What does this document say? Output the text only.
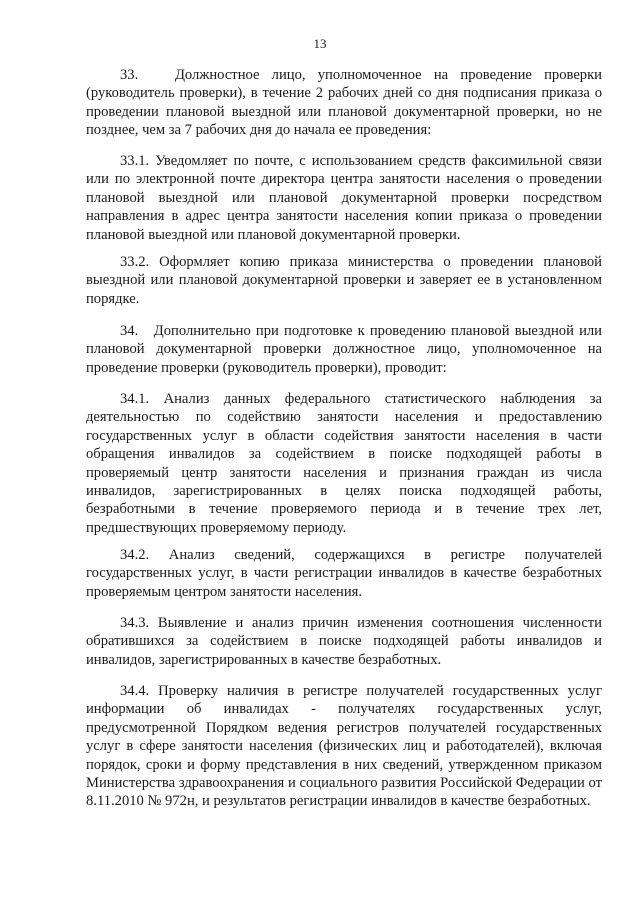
13

33.   Должностное лицо, уполномоченное на проведение проверки (руководитель проверки), в течение 2 рабочих дней со дня подписания приказа о проведении плановой выездной или плановой документарной проверки, но не позднее, чем за 7 рабочих дня до начала ее проведения:

33.1. Уведомляет по почте, с использованием средств факсимильной связи или по электронной почте директора центра занятости населения о проведении плановой выездной или плановой документарной проверки посредством направления в адрес центра занятости населения копии приказа о проведении плановой выездной или плановой документарной проверки.

33.2. Оформляет копию приказа министерства о проведении плановой выездной или плановой документарной проверки и заверяет ее в установленном порядке.

34.   Дополнительно при подготовке к проведению плановой выездной или плановой документарной проверки должностное лицо, уполномоченное на проведение проверки (руководитель проверки), проводит:

34.1. Анализ данных федерального статистического наблюдения за деятельностью по содействию занятости населения и предоставлению государственных услуг в области содействия занятости населения в части обращения инвалидов за содействием в поиске подходящей работы в проверяемый центр занятости населения и признания граждан из числа инвалидов, зарегистрированных в целях поиска подходящей работы, безработными в течение проверяемого периода и в течение трех лет, предшествующих проверяемому периоду.

34.2. Анализ сведений, содержащихся в регистре получателей государственных услуг, в части регистрации инвалидов в качестве безработных проверяемым центром занятости населения.

34.3. Выявление и анализ причин изменения соотношения численности обратившихся за содействием в поиске подходящей работы инвалидов и инвалидов, зарегистрированных в качестве безработных.

34.4. Проверку наличия в регистре получателей государственных услуг информации об инвалидах - получателях государственных услуг, предусмотренной Порядком ведения регистров получателей государственных услуг в сфере занятости населения (физических лиц и работодателей), включая порядок, сроки и форму представления в них сведений, утвержденном приказом Министерства здравоохранения и социального развития Российской Федерации от 8.11.2010 № 972н, и результатов регистрации инвалидов в качестве безработных.
